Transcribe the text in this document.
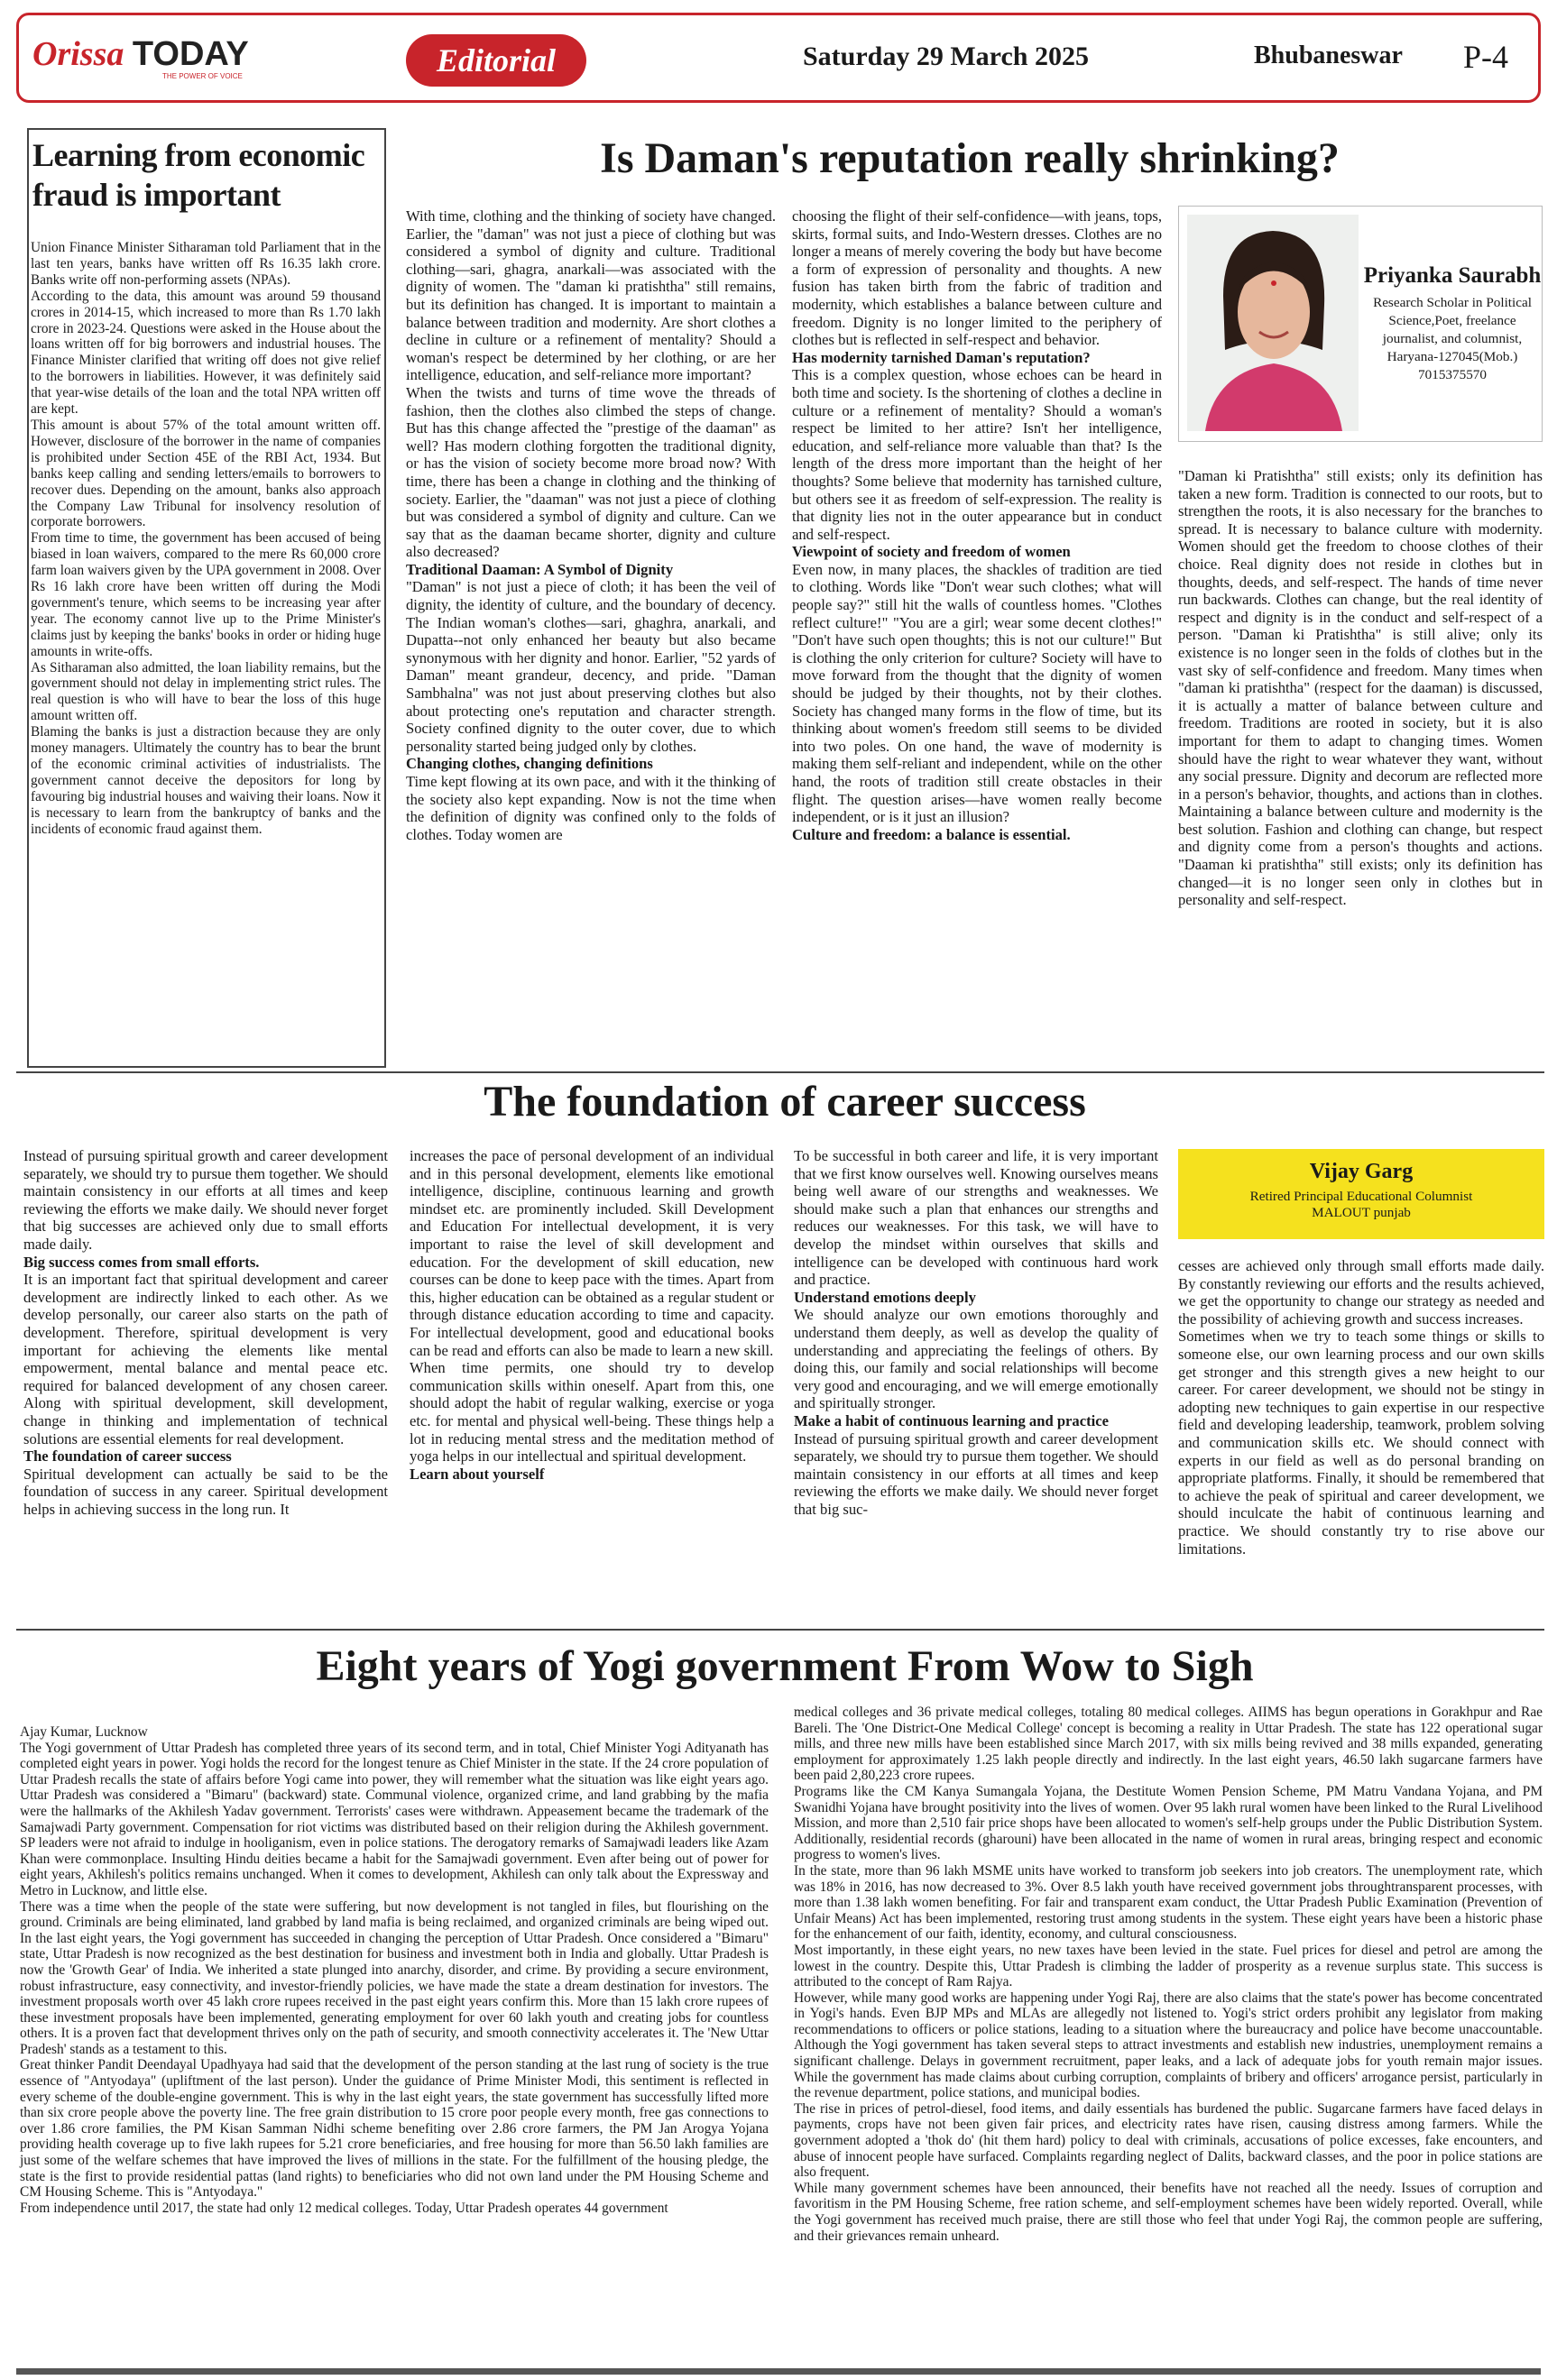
Orissa TODAY
THE POWER OF VOICE	Editorial	Saturday 29 March 2025	Bhubaneswar P-4
Learning from economic fraud is important

Union Finance Minister Sitharaman told Parliament that in the last ten years, banks have written off Rs 16.35 lakh crore. Banks write off non-performing assets (NPAs).

According to the data, this amount was around 59 thousand crores in 2014-15, which increased to more than Rs 1.70 lakh crore in 2023-24. Questions were asked in the House about the loans written off for big borrowers and industrial houses. The Finance Minister clarified that writing off does not give relief to the borrowers in liabilities. However, it was definitely said that year-wise details of the loan and the total NPA written off are kept.

This amount is about 57% of the total amount written off. However, disclosure of the borrower in the name of companies is prohibited under Section 45E of the RBI Act, 1934. But banks keep calling and sending letters/emails to borrowers to recover dues. Depending on the amount, banks also approach the Company Law Tribunal for insolvency resolution of corporate borrowers.

From time to time, the government has been accused of being biased in loan waivers, compared to the mere Rs 60,000 crore farm loan waivers given by the UPA government in 2008. Over Rs 16 lakh crore have been written off during the Modi government's tenure, which seems to be increasing year after year. The economy cannot live up to the Prime Minister's claims just by keeping the banks' books in order or hiding huge amounts in write-offs.

As Sitharaman also admitted, the loan liability remains, but the government should not delay in implementing strict rules. The real question is who will have to bear the loss of this huge amount written off.

Blaming the banks is just a distraction because they are only money managers. Ultimately the country has to bear the brunt of the economic criminal activities of industrialists. The government cannot deceive the depositors for long by favouring big industrial houses and waiving their loans. Now it is necessary to learn from the bankruptcy of banks and the incidents of economic fraud against them.

Is Daman's reputation really shrinking?

With time, clothing and the thinking of society have changed. Earlier, the "daman" was not just a piece of clothing but was considered a symbol of dignity and culture. Traditional clothing—sari, ghagra, anarkali—was associated with the dignity of women. The "daman ki pratishtha" still remains, but its definition has changed. It is important to maintain a balance between tradition and modernity. Are short clothes a decline in culture or a refinement of mentality? Should a woman's respect be determined by her clothing, or are her intelligence, education, and self-reliance more important?

When the twists and turns of time wove the threads of fashion, then the clothes also climbed the steps of change. But has this change affected the "prestige of the daaman" as well? Has modern clothing forgotten the traditional dignity, or has the vision of society become more broad now? With time, there has been a change in clothing and the thinking of society. Earlier, the "daaman" was not just a piece of clothing but was considered a symbol of dignity and culture. Can we say that as the daaman became shorter, dignity and culture also decreased?

Traditional Daaman: A Symbol of Dignity

"Daman" is not just a piece of cloth; it has been the veil of dignity, the identity of culture, and the boundary of decency. The Indian woman's clothes—sari, ghaghra, anarkali, and Dupatta--not only enhanced her beauty but also became synonymous with her dignity and honor. Earlier, "52 yards of Daman" meant grandeur, decency, and pride. "Daman Sambhalna" was not just about preserving clothes but also about protecting one's reputation and character strength. Society confined dignity to the outer cover, due to which personality started being judged only by clothes.

Changing clothes, changing definitions

Time kept flowing at its own pace, and with it the thinking of the society also kept expanding. Now is not the time when the definition of dignity was confined only to the folds of clothes. Today women are

choosing the flight of their self-confidence—with jeans, tops, skirts, formal suits, and Indo-Western dresses. Clothes are no longer a means of merely covering the body but have become a form of expression of personality and thoughts. A new fusion has taken birth from the fabric of tradition and modernity, which establishes a balance between culture and freedom. Dignity is no longer limited to the periphery of clothes but is reflected in self-respect and behavior.

Has modernity tarnished Daman's reputation?

This is a complex question, whose echoes can be heard in both time and society. Is the shortening of clothes a decline in culture or a refinement of mentality? Should a woman's respect be limited to her attire? Isn't her intelligence, education, and self-reliance more valuable than that? Is the length of the dress more important than the height of her thoughts? Some believe that modernity has tarnished culture, but others see it as freedom of self-expression. The reality is that dignity lies not in the outer appearance but in conduct and self-respect.

Viewpoint of society and freedom of women

Even now, in many places, the shackles of tradition are tied to clothing. Words like "Don't wear such clothes; what will people say?" still hit the walls of countless homes. "Clothes reflect culture!" "You are a girl; wear some decent clothes!" "Don't have such open thoughts; this is not our culture!" But is clothing the only criterion for culture? Society will have to move forward from the thought that the dignity of women should be judged by their thoughts, not by their clothes. Society has changed many forms in the flow of time, but its thinking about women's freedom still seems to be divided into two poles. On one hand, the wave of modernity is making them self-reliant and independent, while on the other hand, the roots of tradition still create obstacles in their flight. The question arises—have women really become independent, or is it just an illusion?

Culture and freedom: a balance is essential.

Priyanka Saurabh
Research Scholar in Political
Science,Poet, freelance
journalist, and columnist,
Haryana-127045(Mob.)
7015375570

"Daman ki Pratishtha" still exists; only its definition has taken a new form. Tradition is connected to our roots, but to strengthen the roots, it is also necessary for the branches to spread. It is necessary to balance culture with modernity. Women should get the freedom to choose clothes of their choice. Real dignity does not reside in clothes but in thoughts, deeds, and self-respect. The hands of time never run backwards. Clothes can change, but the real identity of respect and dignity is in the conduct and self-respect of a person. "Daman ki Pratishtha" is still alive; only its existence is no longer seen in the folds of clothes but in the vast sky of self-confidence and freedom. Many times when "daman ki pratishtha" (respect for the daaman) is discussed, it is actually a matter of balance between culture and freedom. Traditions are rooted in society, but it is also important for them to adapt to changing times. Women should have the right to wear whatever they want, without any social pressure. Dignity and decorum are reflected more in a person's behavior, thoughts, and actions than in clothes. Maintaining a balance between culture and modernity is the best solution. Fashion and clothing can change, but respect and dignity come from a person's thoughts and actions. "Daaman ki pratishtha" still exists; only its definition has changed—it is no longer seen only in clothes but in personality and self-respect.

The foundation of career success

Instead of pursuing spiritual growth and career development separately, we should try to pursue them together. We should maintain consistency in our efforts at all times and keep reviewing the efforts we make daily. We should never forget that big successes are achieved only due to small efforts made daily.

Big success comes from small efforts.

It is an important fact that spiritual development and career development are indirectly linked to each other. As we develop personally, our career also starts on the path of development. Therefore, spiritual development is very important for achieving the elements like mental empowerment, mental balance and mental peace etc. required for balanced development of any chosen career. Along with spiritual development, skill development, change in thinking and implementation of technical solutions are essential elements for real development.

The foundation of career success

Spiritual development can actually be said to be the foundation of success in any career. Spiritual development helps in achieving success in the long run. It

increases the pace of personal development of an individual and in this personal development, elements like emotional intelligence, discipline, continuous learning and growth mindset etc. are prominently included. Skill Development and Education For intellectual development, it is very important to raise the level of skill development and education. For the development of skill education, new courses can be done to keep pace with the times. Apart from this, higher education can be obtained as a regular student or through distance education according to time and capacity. For intellectual development, good and educational books can be read and efforts can also be made to learn a new skill.

When time permits, one should try to develop communication skills within oneself. Apart from this, one should adopt the habit of regular walking, exercise or yoga etc. for mental and physical well-being. These things help a lot in reducing mental stress and the meditation method of yoga helps in our intellectual and spiritual development.

Learn about yourself

To be successful in both career and life, it is very important that we first know ourselves well. Knowing ourselves means being well aware of our strengths and weaknesses. We should make such a plan that enhances our strengths and reduces our weaknesses. For this task, we will have to develop the mindset within ourselves that skills and intelligence can be developed with continuous hard work and practice.

Understand emotions deeply

We should analyze our own emotions thoroughly and understand them deeply, as well as develop the quality of understanding and appreciating the feelings of others. By doing this, our family and social relationships will become very good and encouraging, and we will emerge emotionally and spiritually stronger.

Make a habit of continuous learning and practice

Instead of pursuing spiritual growth and career development separately, we should try to pursue them together. We should maintain consistency in our efforts at all times and keep reviewing the efforts we make daily. We should never forget that big suc-

Vijay Garg
Retired Principal Educational Columnist
MALOUT punjab

cesses are achieved only through small efforts made daily. By constantly reviewing our efforts and the results achieved, we get the opportunity to change our strategy as needed and the possibility of achieving growth and success increases.

Sometimes when we try to teach some things or skills to someone else, our own learning process and our own skills get stronger and this strength gives a new height to our career. For career development, we should not be stingy in adopting new techniques to gain expertise in our respective field and developing leadership, teamwork, problem solving and communication skills etc. We should connect with experts in our field as well as do personal branding on appropriate platforms. Finally, it should be remembered that to achieve the peak of spiritual and career development, we should inculcate the habit of continuous learning and practice. We should constantly try to rise above our limitations.

Eight years of Yogi government From Wow to Sigh

Ajay Kumar, Lucknow

The Yogi government of Uttar Pradesh has completed three years of its second term, and in total, Chief Minister Yogi Adityanath has completed eight years in power. Yogi holds the record for the longest tenure as Chief Minister in the state. If the 24 crore population of Uttar Pradesh recalls the state of affairs before Yogi came into power, they will remember what the situation was like eight years ago. Uttar Pradesh was considered a "Bimaru" (backward) state. Communal violence, organized crime, and land grabbing by the mafia were the hallmarks of the Akhilesh Yadav government. Terrorists' cases were withdrawn. Appeasement became the trademark of the Samajwadi Party government. Compensation for riot victims was distributed based on their religion during the Akhilesh government. SP leaders were not afraid to indulge in hooliganism, even in police stations. The derogatory remarks of Samajwadi leaders like Azam Khan were commonplace. Insulting Hindu deities became a habit for the Samajwadi government. Even after being out of power for eight years, Akhilesh's politics remains unchanged. When it comes to development, Akhilesh can only talk about the Expressway and Metro in Lucknow, and little else.

There was a time when the people of the state were suffering, but now development is not tangled in files, but flourishing on the ground. Criminals are being eliminated, land grabbed by land mafia is being reclaimed, and organized criminals are being wiped out. In the last eight years, the Yogi government has succeeded in changing the perception of Uttar Pradesh. Once considered a "Bimaru" state, Uttar Pradesh is now recognized as the best destination for business and investment both in India and globally. Uttar Pradesh is now the 'Growth Gear' of India. We inherited a state plunged into anarchy, disorder, and crime. By providing a secure environment, robust infrastructure, easy connectivity, and investor-friendly policies, we have made the state a dream destination for investors. The investment proposals worth over 45 lakh crore rupees received in the past eight years confirm this. More than 15 lakh crore rupees of these investment proposals have been implemented, generating employment for over 60 lakh youth and creating jobs for countless others. It is a proven fact that development thrives only on the path of security, and smooth connectivity accelerates it. The 'New Uttar Pradesh' stands as a testament to this.

Great thinker Pandit Deendayal Upadhyaya had said that the development of the person standing at the last rung of society is the true essence of "Antyodaya" (upliftment of the last person). Under the guidance of Prime Minister Modi, this sentiment is reflected in every scheme of the double-engine government. This is why in the last eight years, the state government has successfully lifted more than six crore people above the poverty line. The free grain distribution to 15 crore poor people every month, free gas connections to over 1.86 crore families, the PM Kisan Samman Nidhi scheme benefiting over 2.86 crore farmers, the PM Jan Arogya Yojana providing health coverage up to five lakh rupees for 5.21 crore beneficiaries, and free housing for more than 56.50 lakh families are just some of the welfare schemes that have improved the lives of millions in the state. For the fulfillment of the housing pledge, the state is the first to provide residential pattas (land rights) to beneficiaries who did not own land under the PM Housing Scheme and CM Housing Scheme. This is "Antyodaya."

From independence until 2017, the state had only 12 medical colleges. Today, Uttar Pradesh operates 44 government

medical colleges and 36 private medical colleges, totaling 80 medical colleges. AIIMS has begun operations in Gorakhpur and Rae Bareli. The 'One District-One Medical College' concept is becoming a reality in Uttar Pradesh. The state has 122 operational sugar mills, and three new mills have been established since March 2017, with six mills being revived and 38 mills expanded, generating employment for approximately 1.25 lakh people directly and indirectly. In the last eight years, 46.50 lakh sugarcane farmers have been paid 2,80,223 crore rupees.

Programs like the CM Kanya Sumangala Yojana, the Destitute Women Pension Scheme, PM Matru Vandana Yojana, and PM Swanidhi Yojana have brought positivity into the lives of women. Over 95 lakh rural women have been linked to the Rural Livelihood Mission, and more than 2,510 fair price shops have been allocated to women's self-help groups under the Public Distribution System. Additionally, residential records (gharouni) have been allocated in the name of women in rural areas, bringing respect and economic progress to women's lives.

In the state, more than 96 lakh MSME units have worked to transform job seekers into job creators. The unemployment rate, which was 18% in 2016, has now decreased to 3%. Over 8.5 lakh youth have received government jobs throughtransparent processes, with more than 1.38 lakh women benefiting. For fair and transparent exam conduct, the Uttar Pradesh Public Examination (Prevention of Unfair Means) Act has been implemented, restoring trust among students in the system. These eight years have been a historic phase for the enhancement of our faith, identity, economy, and cultural consciousness.

Most importantly, in these eight years, no new taxes have been levied in the state. Fuel prices for diesel and petrol are among the lowest in the country. Despite this, Uttar Pradesh is climbing the ladder of prosperity as a revenue surplus state. This success is attributed to the concept of Ram Rajya.

However, while many good works are happening under Yogi Raj, there are also claims that the state's power has become concentrated in Yogi's hands. Even BJP MPs and MLAs are allegedly not listened to. Yogi's strict orders prohibit any legislator from making recommendations to officers or police stations, leading to a situation where the bureaucracy and police have become unaccountable. Although the Yogi government has taken several steps to attract investments and establish new industries, unemployment remains a significant challenge. Delays in government recruitment, paper leaks, and a lack of adequate jobs for youth remain major issues. While the government has made claims about curbing corruption, complaints of bribery and officers' arrogance persist, particularly in the revenue department, police stations, and municipal bodies.

The rise in prices of petrol-diesel, food items, and daily essentials has burdened the public. Sugarcane farmers have faced delays in payments, crops have not been given fair prices, and electricity rates have risen, causing distress among farmers. While the government adopted a 'thok do' (hit them hard) policy to deal with criminals, accusations of police excesses, fake encounters, and abuse of innocent people have surfaced. Complaints regarding neglect of Dalits, backward classes, and the poor in police stations are also frequent.

While many government schemes have been announced, their benefits have not reached all the needy. Issues of corruption and favoritism in the PM Housing Scheme, free ration scheme, and self-employment schemes have been widely reported. Overall, while the Yogi government has received much praise, there are still those who feel that under Yogi Raj, the common people are suffering, and their grievances remain unheard.
